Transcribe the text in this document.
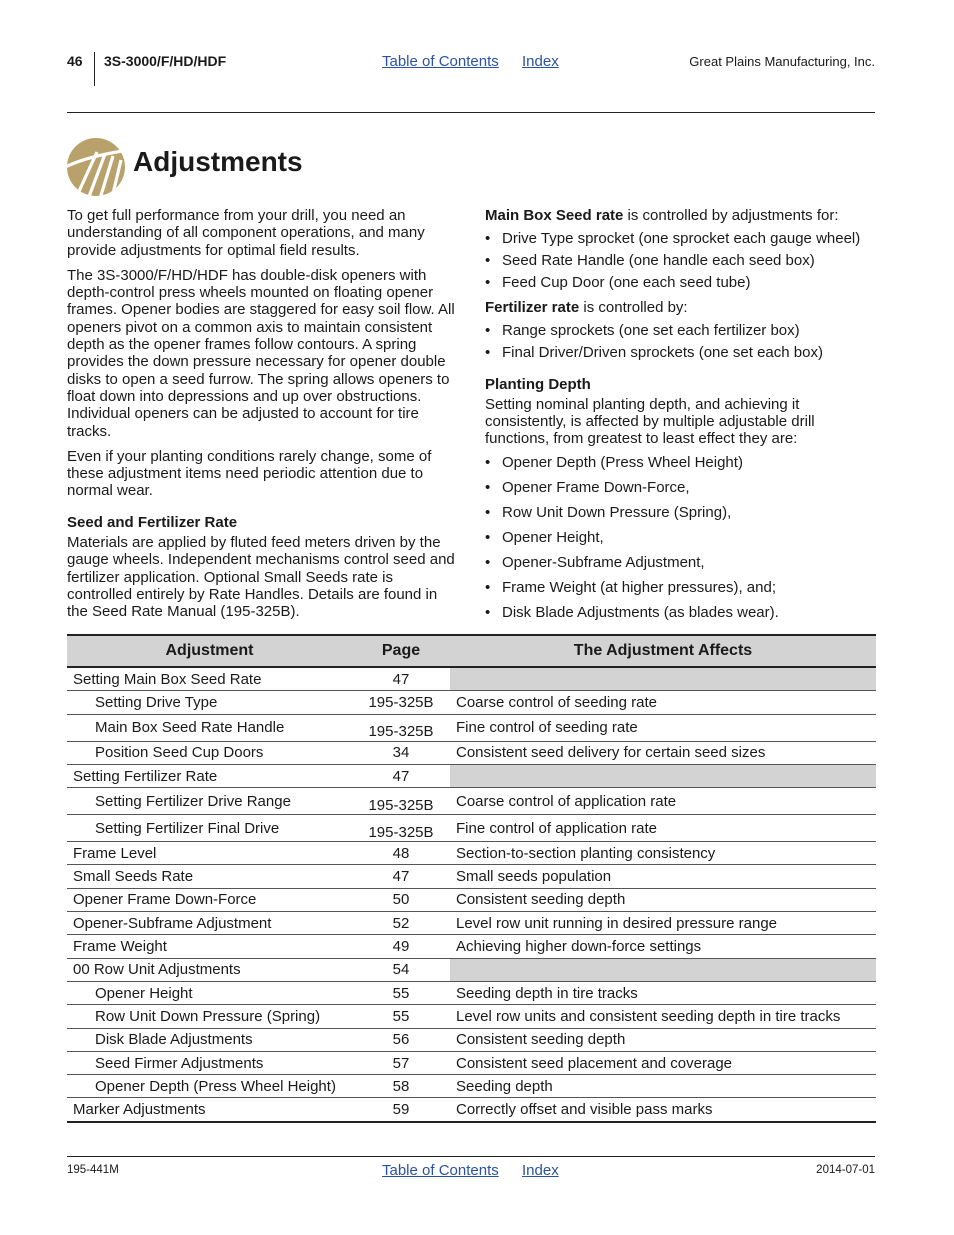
46 3S-3000/F/HD/HDF	Table of Contents Index	Great Plains Manufacturing, Inc.
Adjustments

To get full performance from your drill, you need an understanding of all component operations, and many provide adjustments for optimal field results.

The 3S-3000/F/HD/HDF has double-disk openers with depth-control press wheels mounted on floating opener frames. Opener bodies are staggered for easy soil flow. All openers pivot on a common axis to maintain consistent depth as the opener frames follow contours. A spring provides the down pressure necessary for opener double disks to open a seed furrow. The spring allows openers to float down into depressions and up over obstructions. Individual openers can be adjusted to account for tire tracks.

Even if your planting conditions rarely change, some of these adjustment items need periodic attention due to normal wear.

Seed and Fertilizer Rate

Materials are applied by fluted feed meters driven by the gauge wheels. Independent mechanisms control seed and fertilizer application. Optional Small Seeds rate is controlled entirely by Rate Handles. Details are found in the Seed Rate Manual (195-325B).

Main Box Seed rate is controlled by adjustments for:

• Drive Type sprocket (one sprocket each gauge wheel)
• Seed Rate Handle (one handle each seed box)
• Feed Cup Door (one each seed tube)

Fertilizer rate is controlled by:

• Range sprockets (one set each fertilizer box)
• Final Driver/Driven sprockets (one set each box)
Planting Depth

Setting nominal planting depth, and achieving it consistently, is affected by multiple adjustable drill functions, from greatest to least effect they are:

• Opener Depth (Press Wheel Height)
• Opener Frame Down-Force,
• Row Unit Down Pressure (Spring),
• Opener Height,
• Opener-Subframe Adjustment,
• Frame Weight (at higher pressures), and;
• Disk Blade Adjustments (as blades wear).
Adjustment	Page	The Adjustment Affects
Setting Main Box Seed Rate	47	
Setting Drive Type	195-325B	Coarse control of seeding rate
Main Box Seed Rate Handle	195-325B	Fine control of seeding rate
Position Seed Cup Doors	34	Consistent seed delivery for certain seed sizes
Setting Fertilizer Rate	47	
Setting Fertilizer Drive Range	195-325B	Coarse control of application rate
Setting Fertilizer Final Drive	195-325B	Fine control of application rate
Frame Level	48	Section-to-section planting consistency
Small Seeds Rate	47	Small seeds population
Opener Frame Down-Force	50	Consistent seeding depth
Opener-Subframe Adjustment	52	Level row unit running in desired pressure range
Frame Weight	49	Achieving higher down-force settings
00 Row Unit Adjustments	54	
Opener Height	55	Seeding depth in tire tracks
Row Unit Down Pressure (Spring)	55	Level row units and consistent seeding depth in tire tracks
Disk Blade Adjustments	56	Consistent seeding depth
Seed Firmer Adjustments	57	Consistent seed placement and coverage
Opener Depth (Press Wheel Height)	58	Seeding depth
Marker Adjustments	59	Correctly offset and visible pass marks
195-441M	Table of Contents Index	2014-07-01
